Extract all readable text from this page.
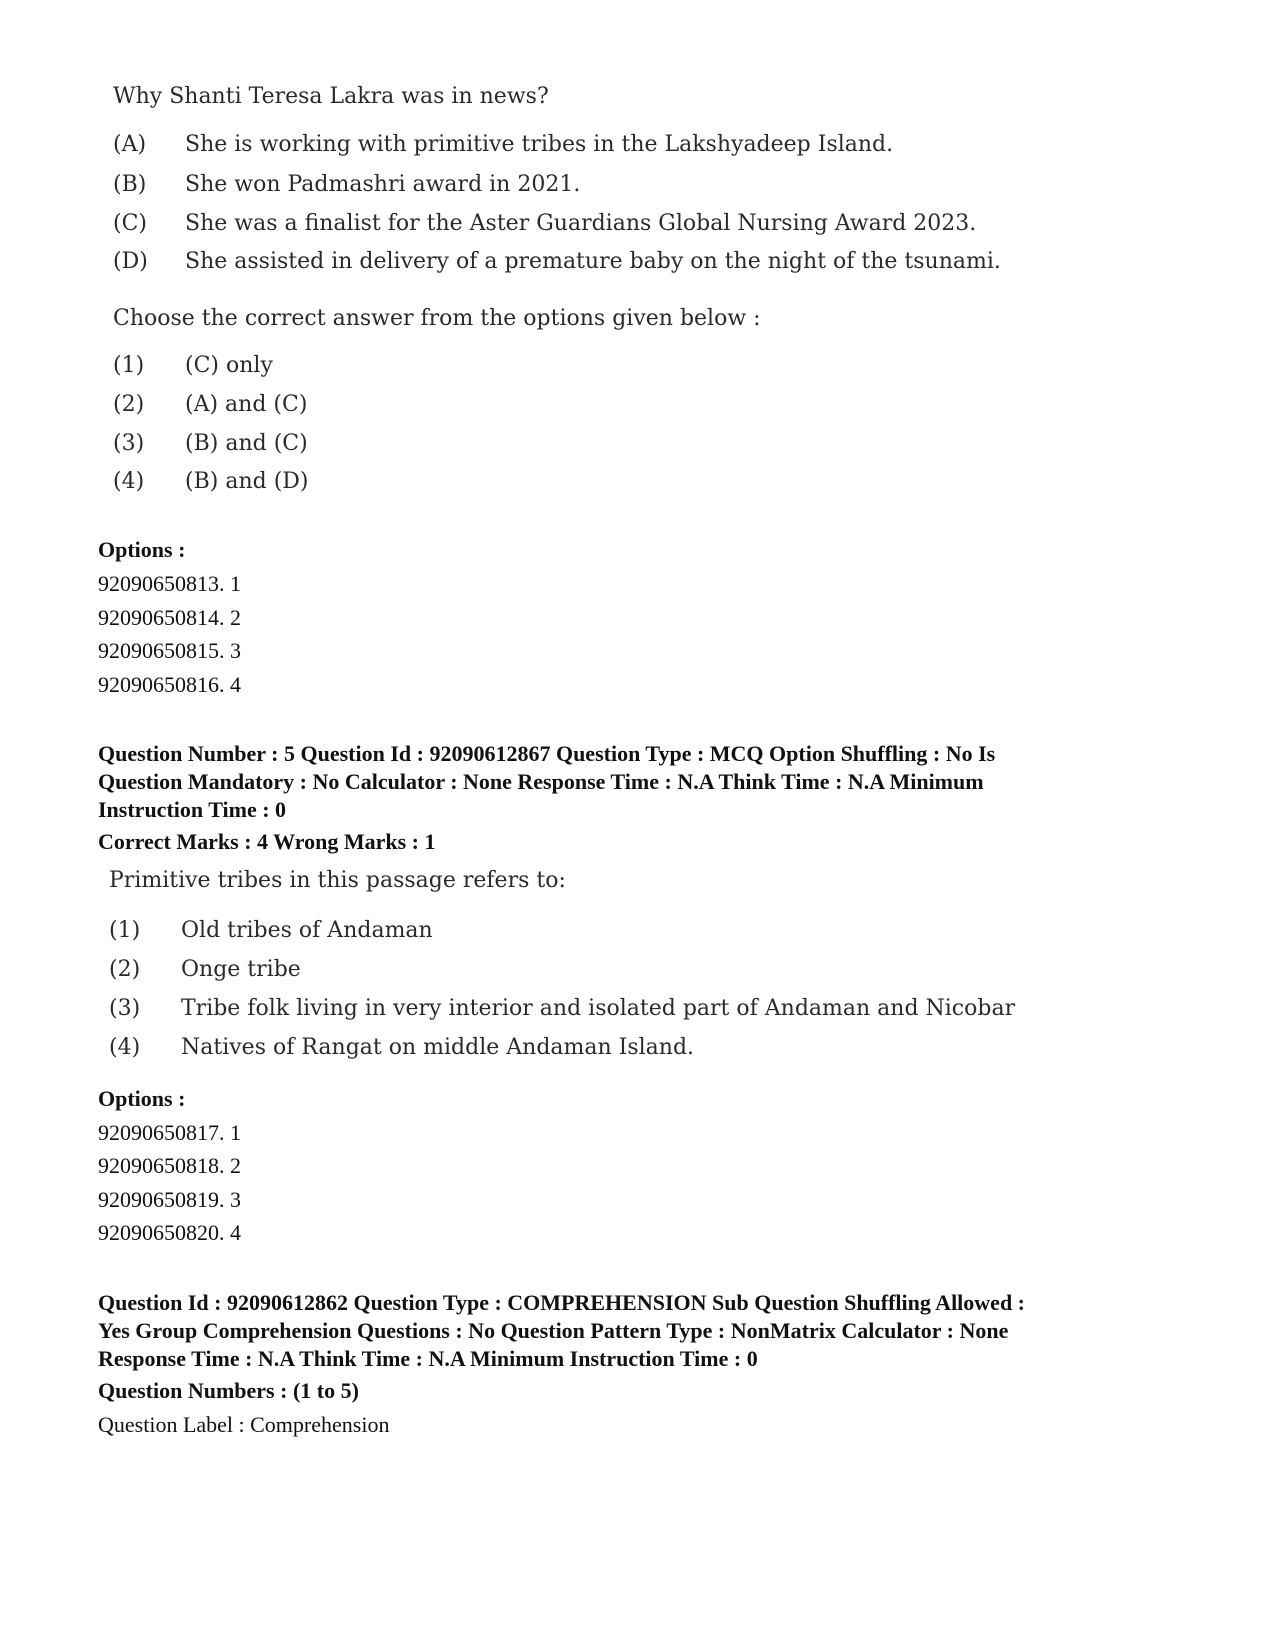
Why Shanti Teresa Lakra was in news?
(A) She is working with primitive tribes in the Lakshyadeep Island.
(B) She won Padmashri award in 2021.
(C) She was a finalist for the Aster Guardians Global Nursing Award 2023.
(D) She assisted in delivery of a premature baby on the night of the tsunami.
Choose the correct answer from the options given below :
(1) (C) only
(2) (A) and (C)
(3) (B) and (C)
(4) (B) and (D)
Options :
92090650813. 1
92090650814. 2
92090650815. 3
92090650816. 4
Question Number : 5 Question Id : 92090612867 Question Type : MCQ Option Shuffling : No Is
Question Mandatory : No Calculator : None Response Time : N.A Think Time : N.A Minimum
Instruction Time : 0
Correct Marks : 4 Wrong Marks : 1
Primitive tribes in this passage refers to:
(1) Old tribes of Andaman
(2) Onge tribe
(3) Tribe folk living in very interior and isolated part of Andaman and Nicobar
(4) Natives of Rangat on middle Andaman Island.
Options :
92090650817. 1
92090650818. 2
92090650819. 3
92090650820. 4
Question Id : 92090612862 Question Type : COMPREHENSION Sub Question Shuffling Allowed :
Yes Group Comprehension Questions : No Question Pattern Type : NonMatrix Calculator : None
Response Time : N.A Think Time : N.A Minimum Instruction Time : 0
Question Numbers : (1 to 5)
Question Label : Comprehension
